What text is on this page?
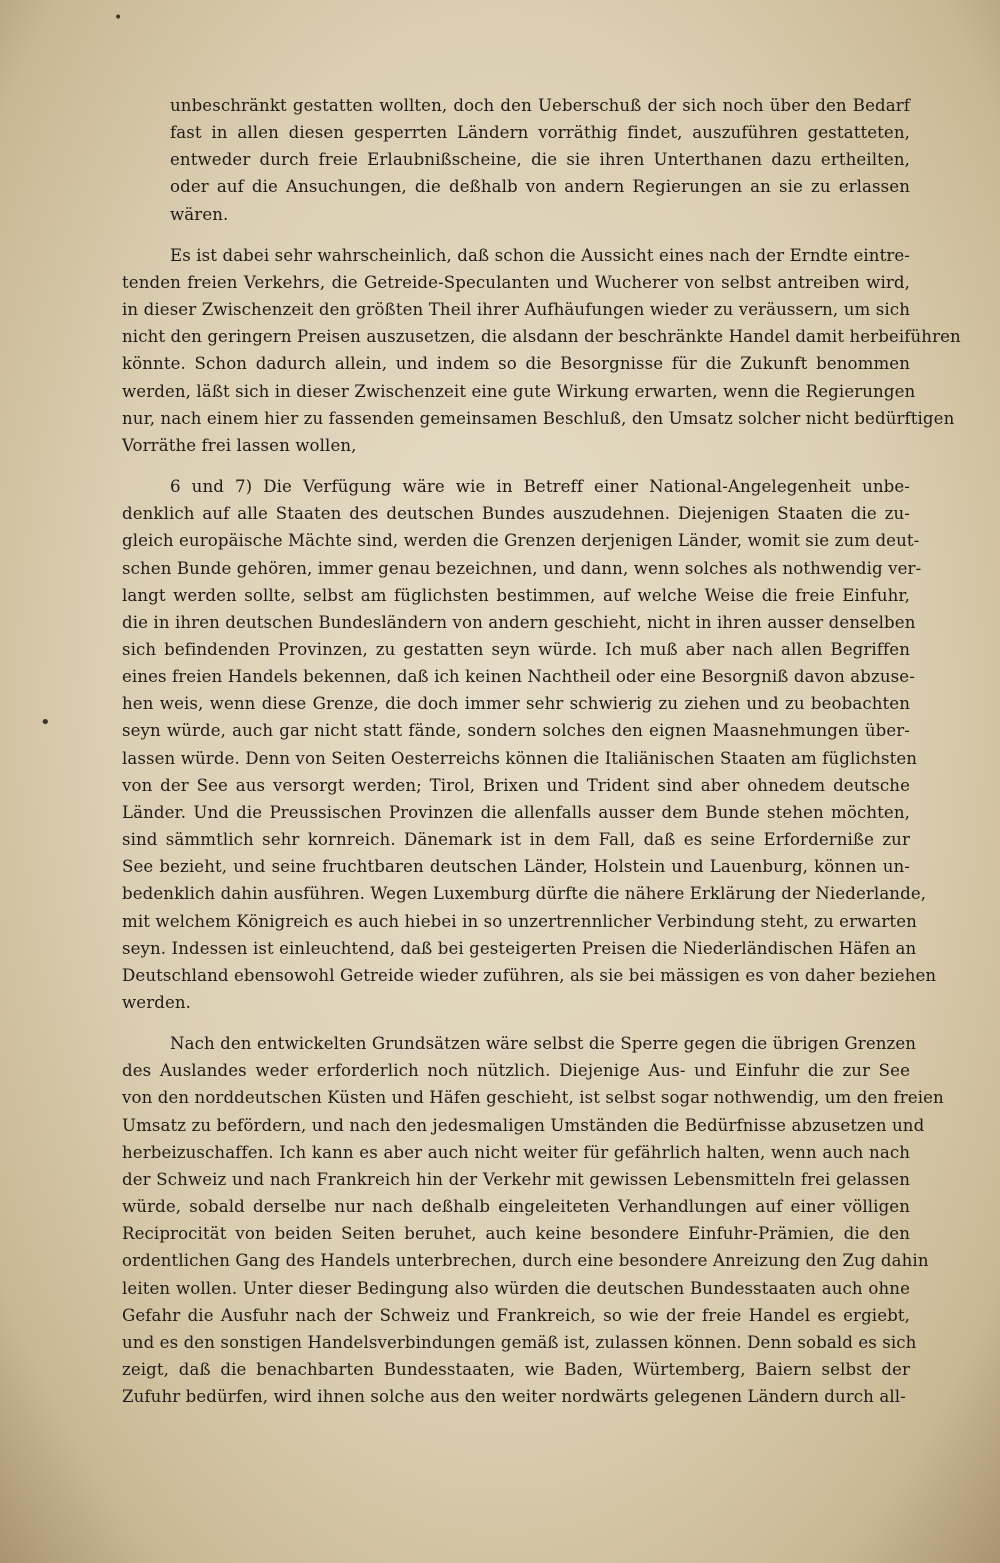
•
•
unbeschränkt gestatten wollten, doch den Ueberschuß der sich noch über den Bedarf
fast in allen diesen gesperrten Ländern vorräthig findet, auszuführen gestatteten,
entweder durch freie Erlaubnißscheine, die sie ihren Unterthanen dazu ertheilten,
oder auf die Ansuchungen, die deßhalb von andern Regierungen an sie zu erlassen
wären.
Es ist dabei sehr wahrscheinlich, daß schon die Aussicht eines nach der Erndte eintre-
tenden freien Verkehrs, die Getreide-Speculanten und Wucherer von selbst antreiben wird,
in dieser Zwischenzeit den größten Theil ihrer Aufhäufungen wieder zu veräussern, um sich
nicht den geringern Preisen auszusetzen, die alsdann der beschränkte Handel damit herbeiführen
könnte. Schon dadurch allein, und indem so die Besorgnisse für die Zukunft benommen
werden, läßt sich in dieser Zwischenzeit eine gute Wirkung erwarten, wenn die Regierungen
nur, nach einem hier zu fassenden gemeinsamen Beschluß, den Umsatz solcher nicht bedürftigen
Vorräthe frei lassen wollen,
6 und 7) Die Verfügung wäre wie in Betreff einer National-Angelegenheit unbe-
denklich auf alle Staaten des deutschen Bundes auszudehnen. Diejenigen Staaten die zu-
gleich europäische Mächte sind, werden die Grenzen derjenigen Länder, womit sie zum deut-
schen Bunde gehören, immer genau bezeichnen, und dann, wenn solches als nothwendig ver-
langt werden sollte, selbst am füglichsten bestimmen, auf welche Weise die freie Einfuhr,
die in ihren deutschen Bundesländern von andern geschieht, nicht in ihren ausser denselben
sich befindenden Provinzen, zu gestatten seyn würde. Ich muß aber nach allen Begriffen
eines freien Handels bekennen, daß ich keinen Nachtheil oder eine Besorgniß davon abzuse-
hen weis, wenn diese Grenze, die doch immer sehr schwierig zu ziehen und zu beobachten
seyn würde, auch gar nicht statt fände, sondern solches den eignen Maasnehmungen über-
lassen würde. Denn von Seiten Oesterreichs können die Italiänischen Staaten am füglichsten
von der See aus versorgt werden; Tirol, Brixen und Trident sind aber ohnedem deutsche
Länder. Und die Preussischen Provinzen die allenfalls ausser dem Bunde stehen möchten,
sind sämmtlich sehr kornreich. Dänemark ist in dem Fall, daß es seine Erforderniße zur
See bezieht, und seine fruchtbaren deutschen Länder, Holstein und Lauenburg, können un-
bedenklich dahin ausführen. Wegen Luxemburg dürfte die nähere Erklärung der Niederlande,
mit welchem Königreich es auch hiebei in so unzertrennlicher Verbindung steht, zu erwarten
seyn. Indessen ist einleuchtend, daß bei gesteigerten Preisen die Niederländischen Häfen an
Deutschland ebensowohl Getreide wieder zuführen, als sie bei mässigen es von daher beziehen
werden.
Nach den entwickelten Grundsätzen wäre selbst die Sperre gegen die übrigen Grenzen
des Auslandes weder erforderlich noch nützlich. Diejenige Aus- und Einfuhr die zur See
von den norddeutschen Küsten und Häfen geschieht, ist selbst sogar nothwendig, um den freien
Umsatz zu befördern, und nach den jedesmaligen Umständen die Bedürfnisse abzusetzen und
herbeizuschaffen. Ich kann es aber auch nicht weiter für gefährlich halten, wenn auch nach
der Schweiz und nach Frankreich hin der Verkehr mit gewissen Lebensmitteln frei gelassen
würde, sobald derselbe nur nach deßhalb eingeleiteten Verhandlungen auf einer völligen
Reciprocität von beiden Seiten beruhet, auch keine besondere Einfuhr-Prämien, die den
ordentlichen Gang des Handels unterbrechen, durch eine besondere Anreizung den Zug dahin
leiten wollen. Unter dieser Bedingung also würden die deutschen Bundesstaaten auch ohne
Gefahr die Ausfuhr nach der Schweiz und Frankreich, so wie der freie Handel es ergiebt,
und es den sonstigen Handelsverbindungen gemäß ist, zulassen können. Denn sobald es sich
zeigt, daß die benachbarten Bundesstaaten, wie Baden, Würtemberg, Baiern selbst der
Zufuhr bedürfen, wird ihnen solche aus den weiter nordwärts gelegenen Ländern durch all-
